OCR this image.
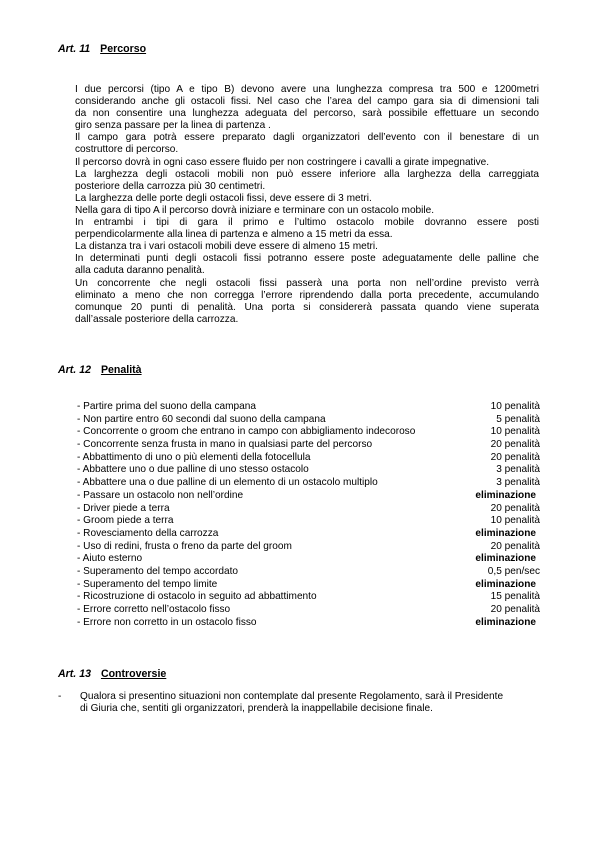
Art. 11 Percorso
I due percorsi (tipo A e tipo B) devono avere una lunghezza compresa tra 500 e 1200metri
considerando anche gli ostacoli fissi. Nel caso che l’area del campo gara sia di dimensioni tali
da non consentire una lunghezza adeguata del percorso, sarà possibile effettuare un secondo
giro senza passare per la linea di partenza .
Il campo gara potrà essere preparato dagli organizzatori dell’evento con il benestare di un
costruttore di percorso.
Il percorso dovrà in ogni caso essere fluido per non costringere i cavalli a girate impegnative.
La larghezza degli ostacoli mobili non può essere inferiore alla larghezza della carreggiata
posteriore della carrozza più 30 centimetri.
La larghezza delle porte degli ostacoli fissi, deve essere di 3 metri.
Nella gara di tipo A il percorso dovrà iniziare e terminare con un ostacolo mobile.
In entrambi i tipi di gara il primo e l’ultimo ostacolo mobile dovranno essere posti
perpendicolarmente alla linea di partenza e almeno a 15 metri da essa.
La distanza tra i vari ostacoli mobili deve essere di almeno 15 metri.
In determinati punti degli ostacoli fissi potranno essere poste adeguatamente delle palline che
alla caduta daranno penalità.
Un concorrente che negli ostacoli fissi passerà una porta non nell’ordine previsto verrà
eliminato a meno che non corregga l’errore riprendendo dalla porta precedente, accumulando
comunque 20 punti di penalità. Una porta si considererà passata quando viene superata
dall’assale posteriore della carrozza.
Art. 12 Penalità
- Partire prima del suono della campana	10 penalità
- Non partire entro 60 secondi dal suono della campana	5 penalità
- Concorrente o groom che entrano in campo con abbigliamento indecoroso	10 penalità
- Concorrente senza frusta in mano in qualsiasi parte del percorso	20 penalità
- Abbattimento di uno o più elementi della fotocellula	20 penalità
- Abbattere uno o due palline di uno stesso ostacolo	3 penalità
- Abbattere una o due palline di un elemento di un ostacolo multiplo	3 penalità
- Passare un ostacolo non nell’ordine	eliminazione
- Driver piede a terra	20 penalità
- Groom piede a terra	10 penalità
- Rovesciamento della carrozza	eliminazione
- Uso di redini, frusta o freno da parte del groom	20 penalità
- Aiuto esterno	eliminazione
- Superamento del tempo accordato	0,5 pen/sec
- Superamento del tempo limite	eliminazione
- Ricostruzione di ostacolo in seguito ad abbattimento	15 penalità
- Errore corretto nell’ostacolo fisso	20 penalità
- Errore non corretto in un ostacolo fisso	eliminazione
Art. 13 Controversie
- Qualora si presentino situazioni non contemplate dal presente Regolamento, sarà il Presidente
di Giuria che, sentiti gli organizzatori, prenderà la inappellabile decisione finale.
